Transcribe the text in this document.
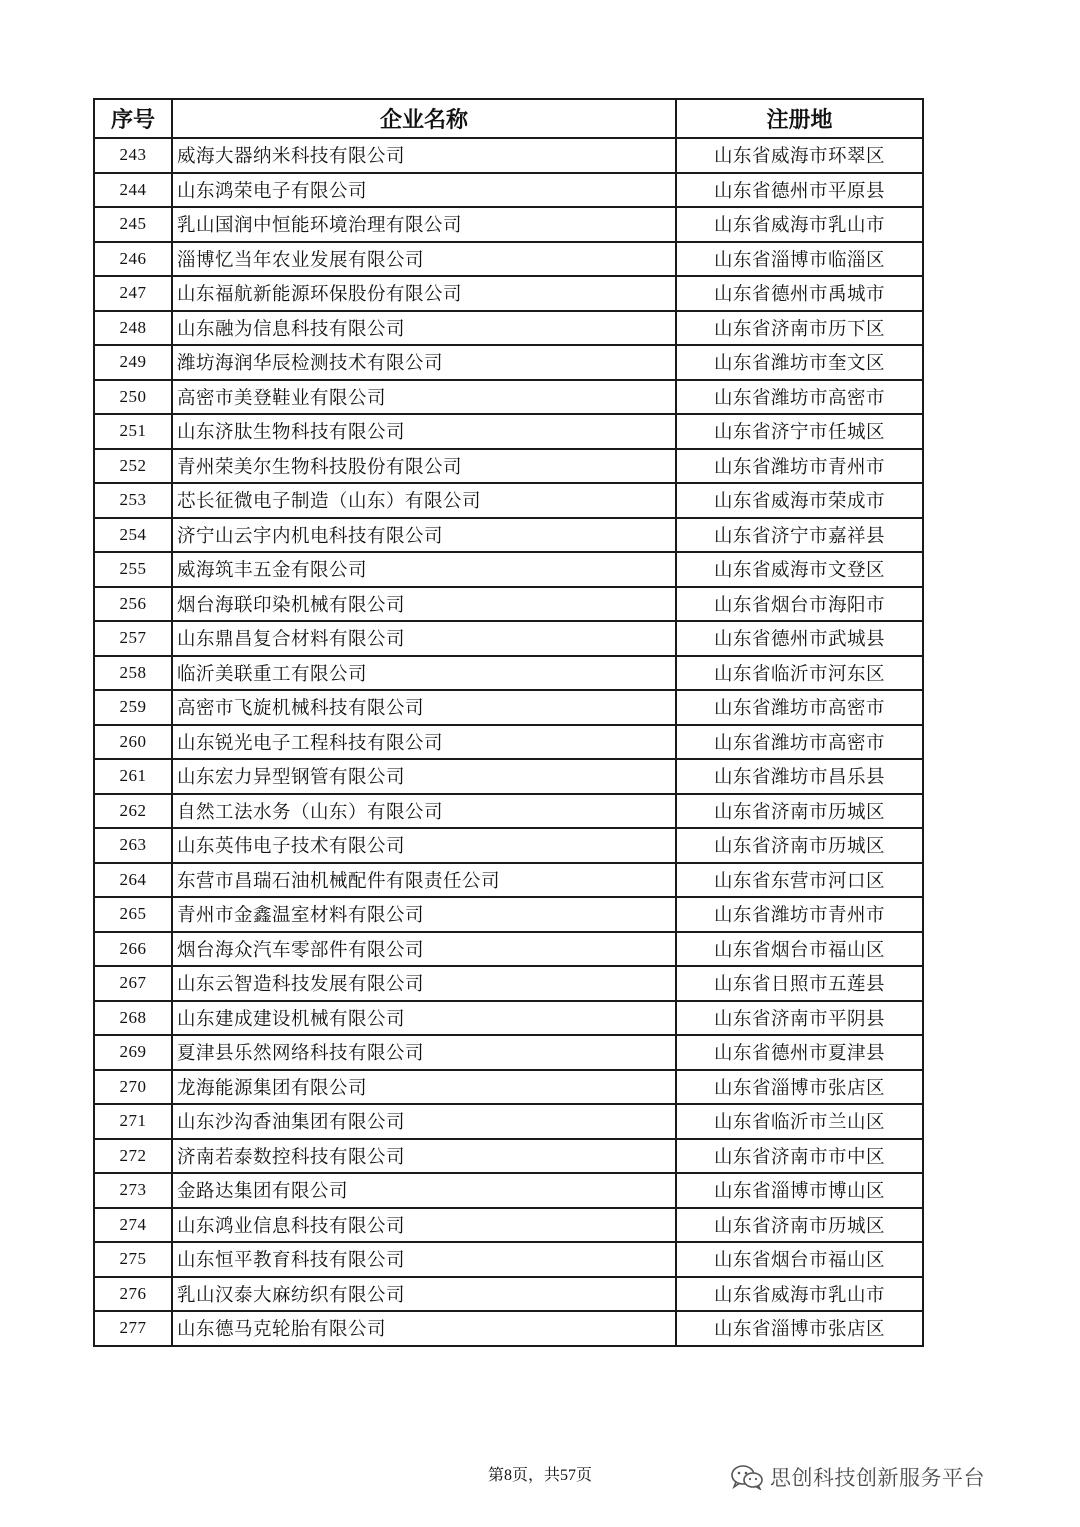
序号	企业名称	注册地
243	威海大器纳米科技有限公司	山东省威海市环翠区
244	山东鸿荣电子有限公司	山东省德州市平原县
245	乳山国润中恒能环境治理有限公司	山东省威海市乳山市
246	淄博忆当年农业发展有限公司	山东省淄博市临淄区
247	山东福航新能源环保股份有限公司	山东省德州市禹城市
248	山东融为信息科技有限公司	山东省济南市历下区
249	潍坊海润华辰检测技术有限公司	山东省潍坊市奎文区
250	高密市美登鞋业有限公司	山东省潍坊市高密市
251	山东济肽生物科技有限公司	山东省济宁市任城区
252	青州荣美尔生物科技股份有限公司	山东省潍坊市青州市
253	芯长征微电子制造（山东）有限公司	山东省威海市荣成市
254	济宁山云宇内机电科技有限公司	山东省济宁市嘉祥县
255	威海筑丰五金有限公司	山东省威海市文登区
256	烟台海联印染机械有限公司	山东省烟台市海阳市
257	山东鼎昌复合材料有限公司	山东省德州市武城县
258	临沂美联重工有限公司	山东省临沂市河东区
259	高密市飞旋机械科技有限公司	山东省潍坊市高密市
260	山东锐光电子工程科技有限公司	山东省潍坊市高密市
261	山东宏力异型钢管有限公司	山东省潍坊市昌乐县
262	自然工法水务（山东）有限公司	山东省济南市历城区
263	山东英伟电子技术有限公司	山东省济南市历城区
264	东营市昌瑞石油机械配件有限责任公司	山东省东营市河口区
265	青州市金鑫温室材料有限公司	山东省潍坊市青州市
266	烟台海众汽车零部件有限公司	山东省烟台市福山区
267	山东云智造科技发展有限公司	山东省日照市五莲县
268	山东建成建设机械有限公司	山东省济南市平阴县
269	夏津县乐然网络科技有限公司	山东省德州市夏津县
270	龙海能源集团有限公司	山东省淄博市张店区
271	山东沙沟香油集团有限公司	山东省临沂市兰山区
272	济南若泰数控科技有限公司	山东省济南市市中区
273	金路达集团有限公司	山东省淄博市博山区
274	山东鸿业信息科技有限公司	山东省济南市历城区
275	山东恒平教育科技有限公司	山东省烟台市福山区
276	乳山汉泰大麻纺织有限公司	山东省威海市乳山市
277	山东德马克轮胎有限公司	山东省淄博市张店区
第8页，共57页	思创科技创新服务平台
